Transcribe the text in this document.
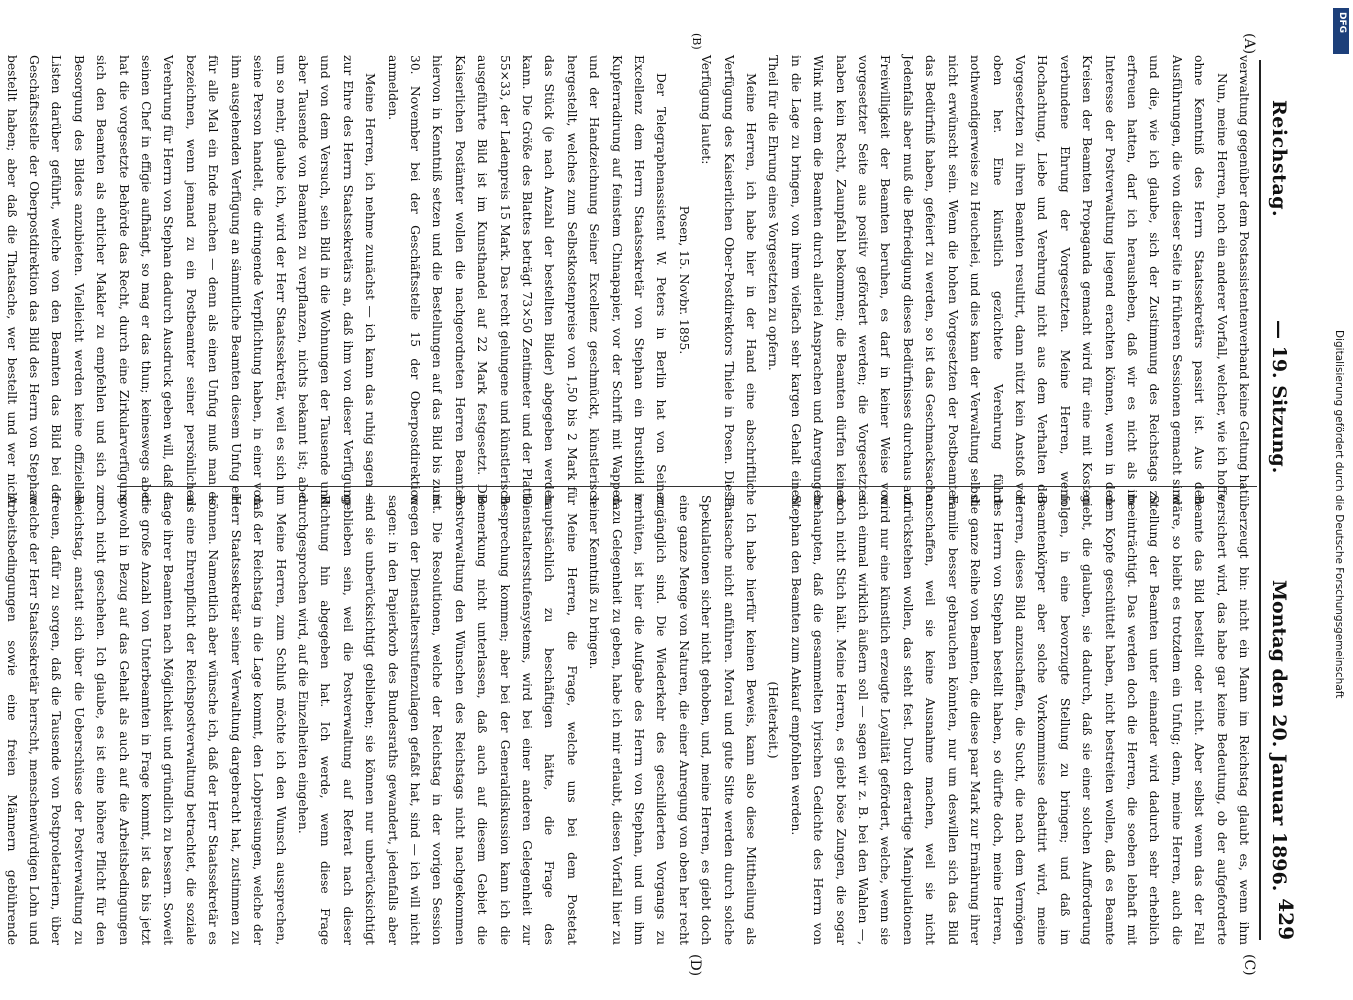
Reichstag.
— 19. Sitzung.
Montag den 20. Januar 1896.
429
(A)
(B)
(C)
(D)

verwaltung gegenüber dem Postassistentenverband keine Geltung hat.

Nun, meine Herren, noch ein anderer Vorfall, welcher, wie ich hoffe, ohne Kenntniß des Herrn Staatssekretärs passirt ist. Aus den Ausführungen, die von dieser Seite in früheren Sessionen gemacht sind und die, wie ich glaube, sich der Zustimmung des Reichstags zu erfreuen hatten, darf ich herausheben, daß wir es nicht als im Interesse der Postverwaltung liegend erachten können, wenn in den Kreisen der Beamten Propaganda gemacht wird für eine mit Kosten verbundene Ehrung der Vorgesetzten. Meine Herren, wenn Hochachtung, Liebe und Verehrung nicht aus dem Verhalten der Vorgesetzten zu ihren Beamten resultirt, dann nützt kein Anstoß von oben her. Eine künstlich gezüchtete Verehrung führt nothwendigerweise zu Heuchelei, und dies kann der Verwaltung selbst nicht erwünscht sein. Wenn die hohen Vorgesetzten der Postbeamten das Bedürfniß haben, gefeiert zu werden, so ist das Geschmacksache. Jedenfalls aber muß die Befriedigung dieses Bedürfnisses durchaus auf Freiwilligkeit der Beamten beruhen, es darf in keiner Weise von vorgesetzter Seite aus positiv gefördert werden; die Vorgesetzten haben kein Recht, Zaunpfahl bekommen; die Beamten dürfen keinen Wink mit dem die Beamten durch allerlei Ansprachen und Anregungen in die Lage zu bringen, von ihrem vielfach sehr kargen Gehalt einen Theil für die Ehrung eines Vorgesetzten zu opfern.

Meine Herren, ich habe hier in der Hand eine abschriftliche Verfügung des Kaiserlichen Ober-Postdirektors Thiele in Posen. Diese Verfügung lautet:

Posen, 15. Novbr. 1895.

Der Telegraphenassistent W. Peters in Berlin hat von Seiner Excellenz dem Herrn Staatssekretär von Stephan ein Brustbild in Kupferradirung auf feinstem Chinapapier, vor der Schrift mit Wappen und der Handzeichnung Seiner Excellenz geschmückt, künstlerisch hergestellt, welches zum Selbstkostenpreise von 1,50 bis 2 Mark für das Stück (je nach Anzahl der bestellten Bilder) abgegeben werden kann. Die Größe des Blattes beträgt 73×50 Zentimeter und der Platte 55×33, der Ladenpreis 15 Mark. Das recht gelungene und künstlerisch ausgeführte Bild ist im Kunsthandel auf 22 Mark festgesetzt. Die Kaiserlichen Postämter wollen die nachgeordneten Herren Beamten hiervon in Kenntniß setzen und die Bestellungen auf das Bild bis zum 30. November bei der Geschäftsstelle 15 der Oberpostdirektion anmelden.

Meine Herren, ich nehme zunächst — ich kann das ruhig sagen — zur Ehre des Herrn Staatssekretärs an, daß ihm von dieser Verfügung und von dem Versuch, sein Bild in die Wohnungen der Tausende und aber Tausende von Beamten zu verpflanzen, nichts bekannt ist; aber um so mehr, glaube ich, wird der Herr Staatssekretär, weil es sich um seine Person handelt, die dringende Verpflichtung haben, in einer von ihm ausgehenden Verfügung an sämmtliche Beamten diesem Unfug ein für alle Mal ein Ende machen — denn als einen Unfug muß man es bezeichnen, wenn jemand zu ein Postbeamter seiner persönlichen Verehrung für Herrn von Stephan dadurch Ausdruck geben will, daß er seinen Chef in effigie aufhängt, so mag er das thun; keineswegs aber hat die vorgesetzte Behörde das Recht, durch eine Zirkularverfügung sich den Beamten als ehrlicher Makler zu empfehlen und sich zur Besorgung des Bildes anzubieten. Vielleicht werden keine offiziellen Listen darüber geführt, welche von den Beamten das Bild bei der Geschäftsstelle der Oberpostdirektion das Bild des Herrn von Stephan bestellt haben; aber daß die Thatsache, wer bestellt und wer nicht

überzeugt bin: nicht ein Mann im Reichstag glaubt es, wenn ihm versichert wird, das habe gar keine Bedeutung, ob der aufgeforderte Beamte das Bild bestellt oder nicht. Aber selbst wenn das der Fall wäre, so bleibt es trotzdem ein Unfug; denn, meine Herren, auch die Stellung der Beamten unter einander wird dadurch sehr erheblich beeinträchtigt. Das werden doch die Herren, die soeben lebhaft mit dem Kopfe geschüttelt haben, nicht bestreiten wollen, daß es Beamte giebt, die glauben, sie dadurch, daß sie einer solchen Aufforderung folgen, in eine bevorzugte Stellung zu bringen; und daß im Beamtenkörper aber solche Vorkommnisse debattirt wird, meine Herren, dieses Bild anzuschaffen, die Sucht, die nach dem Vermögen des Herrn von Stephan bestellt haben, so dürfte doch, meine Herren, die ganze Reihe von Beamten, die diese paar Mark zur Ernährung ihrer Familie besser gebrauchen könnten, nur um deswillen sich das Bild anschaffen, weil sie keine Ausnahme machen, weil sie nicht zurückstehen wollen, das steht fest. Durch derartige Manipulationen wird nur eine künstlich erzeugte Loyalität gefördert, welche, wenn sie sich einmal wirklich äußern soll — sagen wir z. B. bei den Wahlen —, doch nicht Stich hält. Meine Herren, es giebt böse Zungen, die sogar behaupten, daß die gesammelten lyrischen Gedichte des Herrn von Stephan den Beamten zum Ankauf empfohlen werden.

(Heiterkeit.)

Ich habe hierfür keinen Beweis, kann also diese Mittheilung als Thatsache nicht anführen. Moral und gute Sitte werden durch solche Spekulationen sicher nicht gehoben, und, meine Herren, es giebt doch eine ganze Menge von Naturen, die einer Anregung von oben her recht zugänglich sind. Die Wiederkehr des geschilderten Vorgangs zu verhüten, ist hier die Aufgabe des Herrn von Stephan, und um ihm dazu Gelegenheit zu geben, habe ich mir erlaubt, diesen Vorfall hier zu seiner Kenntniß zu bringen.

Meine Herren, die Frage, welche uns bei dem Postetat hauptsächlich zu beschäftigen hätte, die Frage des Dienstaltersstufensystems, wird bei einer anderen Gelegenheit zur Besprechung kommen; aber bei der Generaldiskussion kann ich die Bemerkung nicht unterlassen, daß auch auf diesem Gebiet die Postverwaltung den Wünschen des Reichstags nicht nachgekommen ist. Die Resolutionen, welche der Reichstag in der vorigen Session wegen der Dienstaltersstufenzulagen gefaßt hat, sind — ich will nicht sagen: in den Papierkorb des Bundesraths gewandert, jedenfalls aber sind sie unberücksichtigt geblieben; sie können nur unberücksichtigt geblieben sein, weil die Postverwaltung auf Referat nach dieser Richtung hin abgegeben hat. Ich werde, wenn diese Frage durchgesprochen wird, auf die Einzelheiten eingehen.

Meine Herren, zum Schluß möchte ich den Wunsch aussprechen, daß der Reichstag in die Lage kommt, den Lobpreisungen, welche der Herr Staatssekretär seiner Verwaltung dargebracht hat, zustimmen zu können. Namentlich aber wünsche ich, daß der Herr Staatssekretär es als eine Ehrenpflicht der Reichspostverwaltung betrachtet, die soziale Lage ihrer Beamten nach Möglichkeit und gründlich zu bessern. Soweit die große Anzahl von Unterbeamten in Frage kommt, ist das bis jetzt sowohl in Bezug auf das Gehalt als auch auf die Arbeitsbedingungen noch nicht geschehen. Ich glaube, es ist eine höhere Pflicht für den Reichstag, anstatt sich über die Ueberschüsse der Postverwaltung zu freuen, dafür zu sorgen, daß die Tausende von Postproletariern, über welche der Herr Staatssekretär herrscht, menschenwürdigen Lohn und Arbeitsbedingungen sowie eine freien Männern gebührende

DFG
Digitalisierung gefördert durch die Deutsche Forschungsgemeinschaft
